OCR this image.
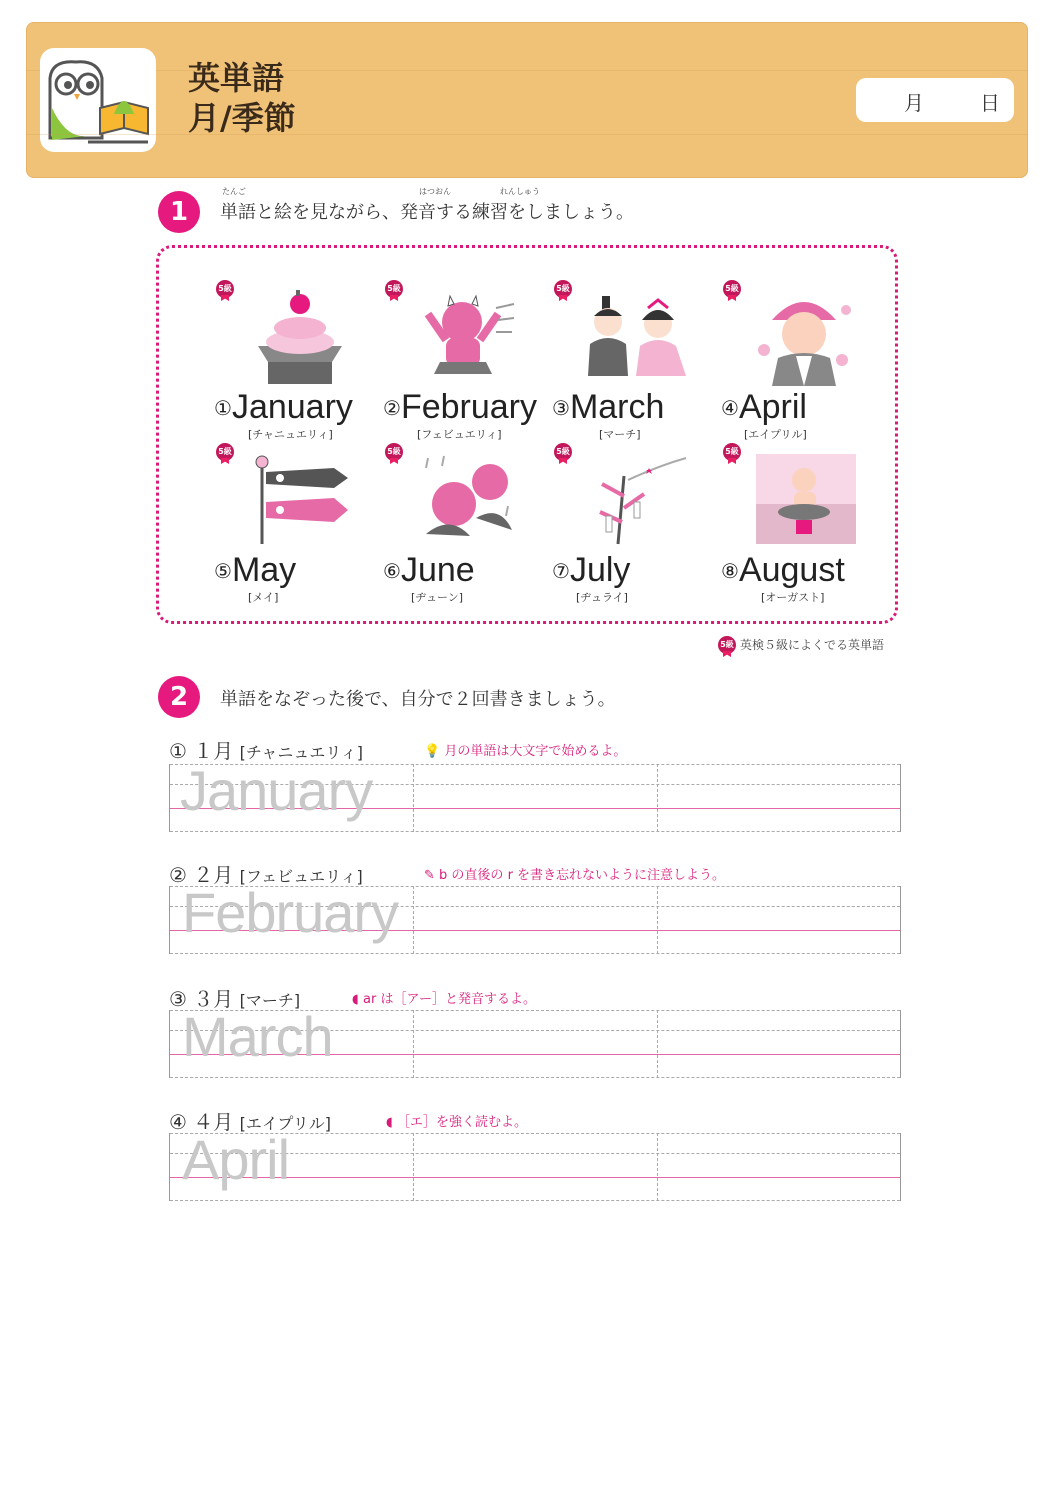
英単語
月/季節	月	日
1
たんご	はつおん	れんしゅう
単語と絵を見ながら、発音する練習をしましょう。
5級	5級	5級	5級
5級	5級	5級	5級
①January ②February ③March	④April
⑤May	⑥June	⑦July	⑧August
[チャニュエリィ]	[フェビュエリィ]	[マーチ]	[エイプリル]
[メイ]	[ヂューン]	[ヂュライ]	[オーガスト]
5級 英検５級によくでる英単語
2	単語をなぞった後で、自分で２回書きましょう。
① １月 [チャニュエリィ]	💡 月の単語は大文字で始めるよ。
January
② ２月 [フェビュエリィ]	✎ b の直後の r を書き忘れないように注意しよう。
February
③ ３月 [マーチ]	◖ ar は［アー］と発音するよ。
March
④ ４月 [エイプリル]	◖ ［エ］を強く読むよ。
April
